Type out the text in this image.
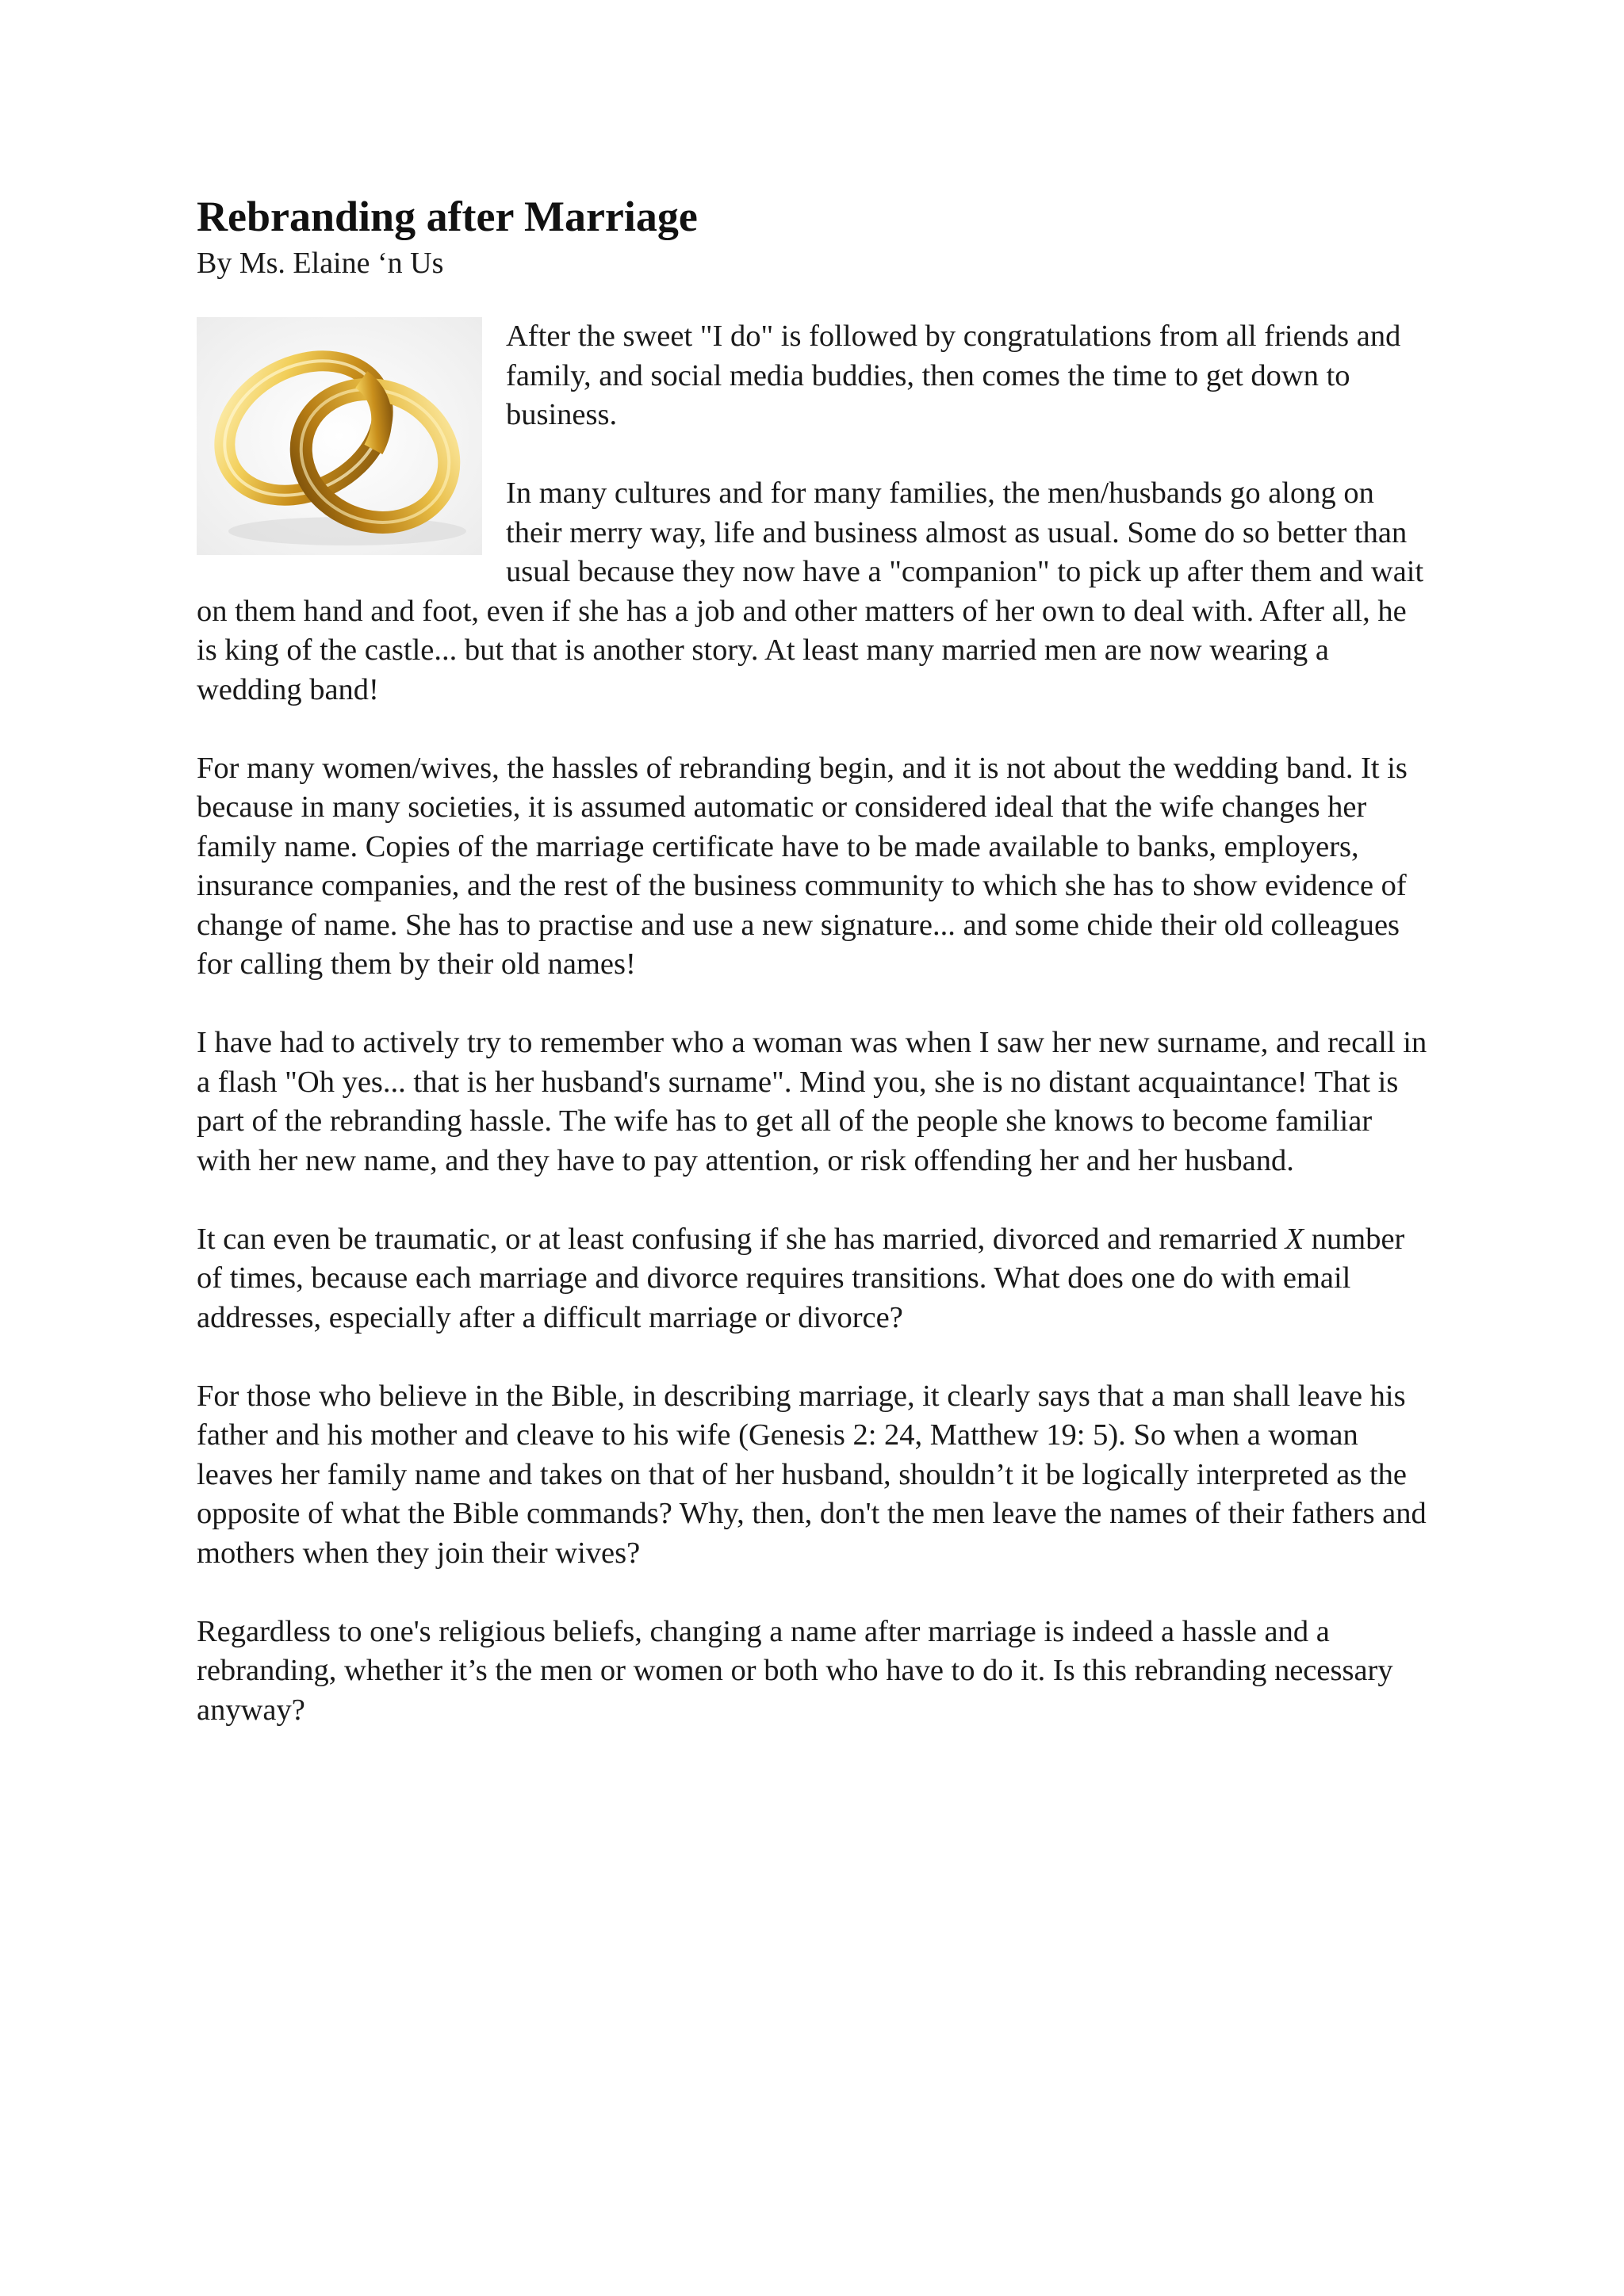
Rebranding after Marriage
By Ms. Elaine ‘n Us

After the sweet "I do" is followed by congratulations from all friends and family, and social media buddies, then comes the time to get down to business.

In many cultures and for many families, the men/husbands go along on their merry way, life and business almost as usual. Some do so better than usual because they now have a "companion" to pick up after them and wait on them hand and foot, even if she has a job and other matters of her own to deal with. After all, he is king of the castle... but that is another story. At least many married men are now wearing a wedding band!

For many women/wives, the hassles of rebranding begin, and it is not about the wedding band. It is because in many societies, it is assumed automatic or considered ideal that the wife changes her family name. Copies of the marriage certificate have to be made available to banks, employers, insurance companies, and the rest of the business community to which she has to show evidence of change of name. She has to practise and use a new signature... and some chide their old colleagues for calling them by their old names!

I have had to actively try to remember who a woman was when I saw her new surname, and recall in a flash "Oh yes... that is her husband's surname". Mind you, she is no distant acquaintance! That is part of the rebranding hassle. The wife has to get all of the people she knows to become familiar with her new name, and they have to pay attention, or risk offending her and her husband.

It can even be traumatic, or at least confusing if she has married, divorced and remarried X number of times, because each marriage and divorce requires transitions. What does one do with email addresses, especially after a difficult marriage or divorce?

For those who believe in the Bible, in describing marriage, it clearly says that a man shall leave his father and his mother and cleave to his wife (Genesis 2: 24, Matthew 19: 5). So when a woman leaves her family name and takes on that of her husband, shouldn’t it be logically interpreted as the opposite of what the Bible commands? Why, then, don't the men leave the names of their fathers and mothers when they join their wives?

Regardless to one's religious beliefs, changing a name after marriage is indeed a hassle and a rebranding, whether it’s the men or women or both who have to do it. Is this rebranding necessary anyway?
